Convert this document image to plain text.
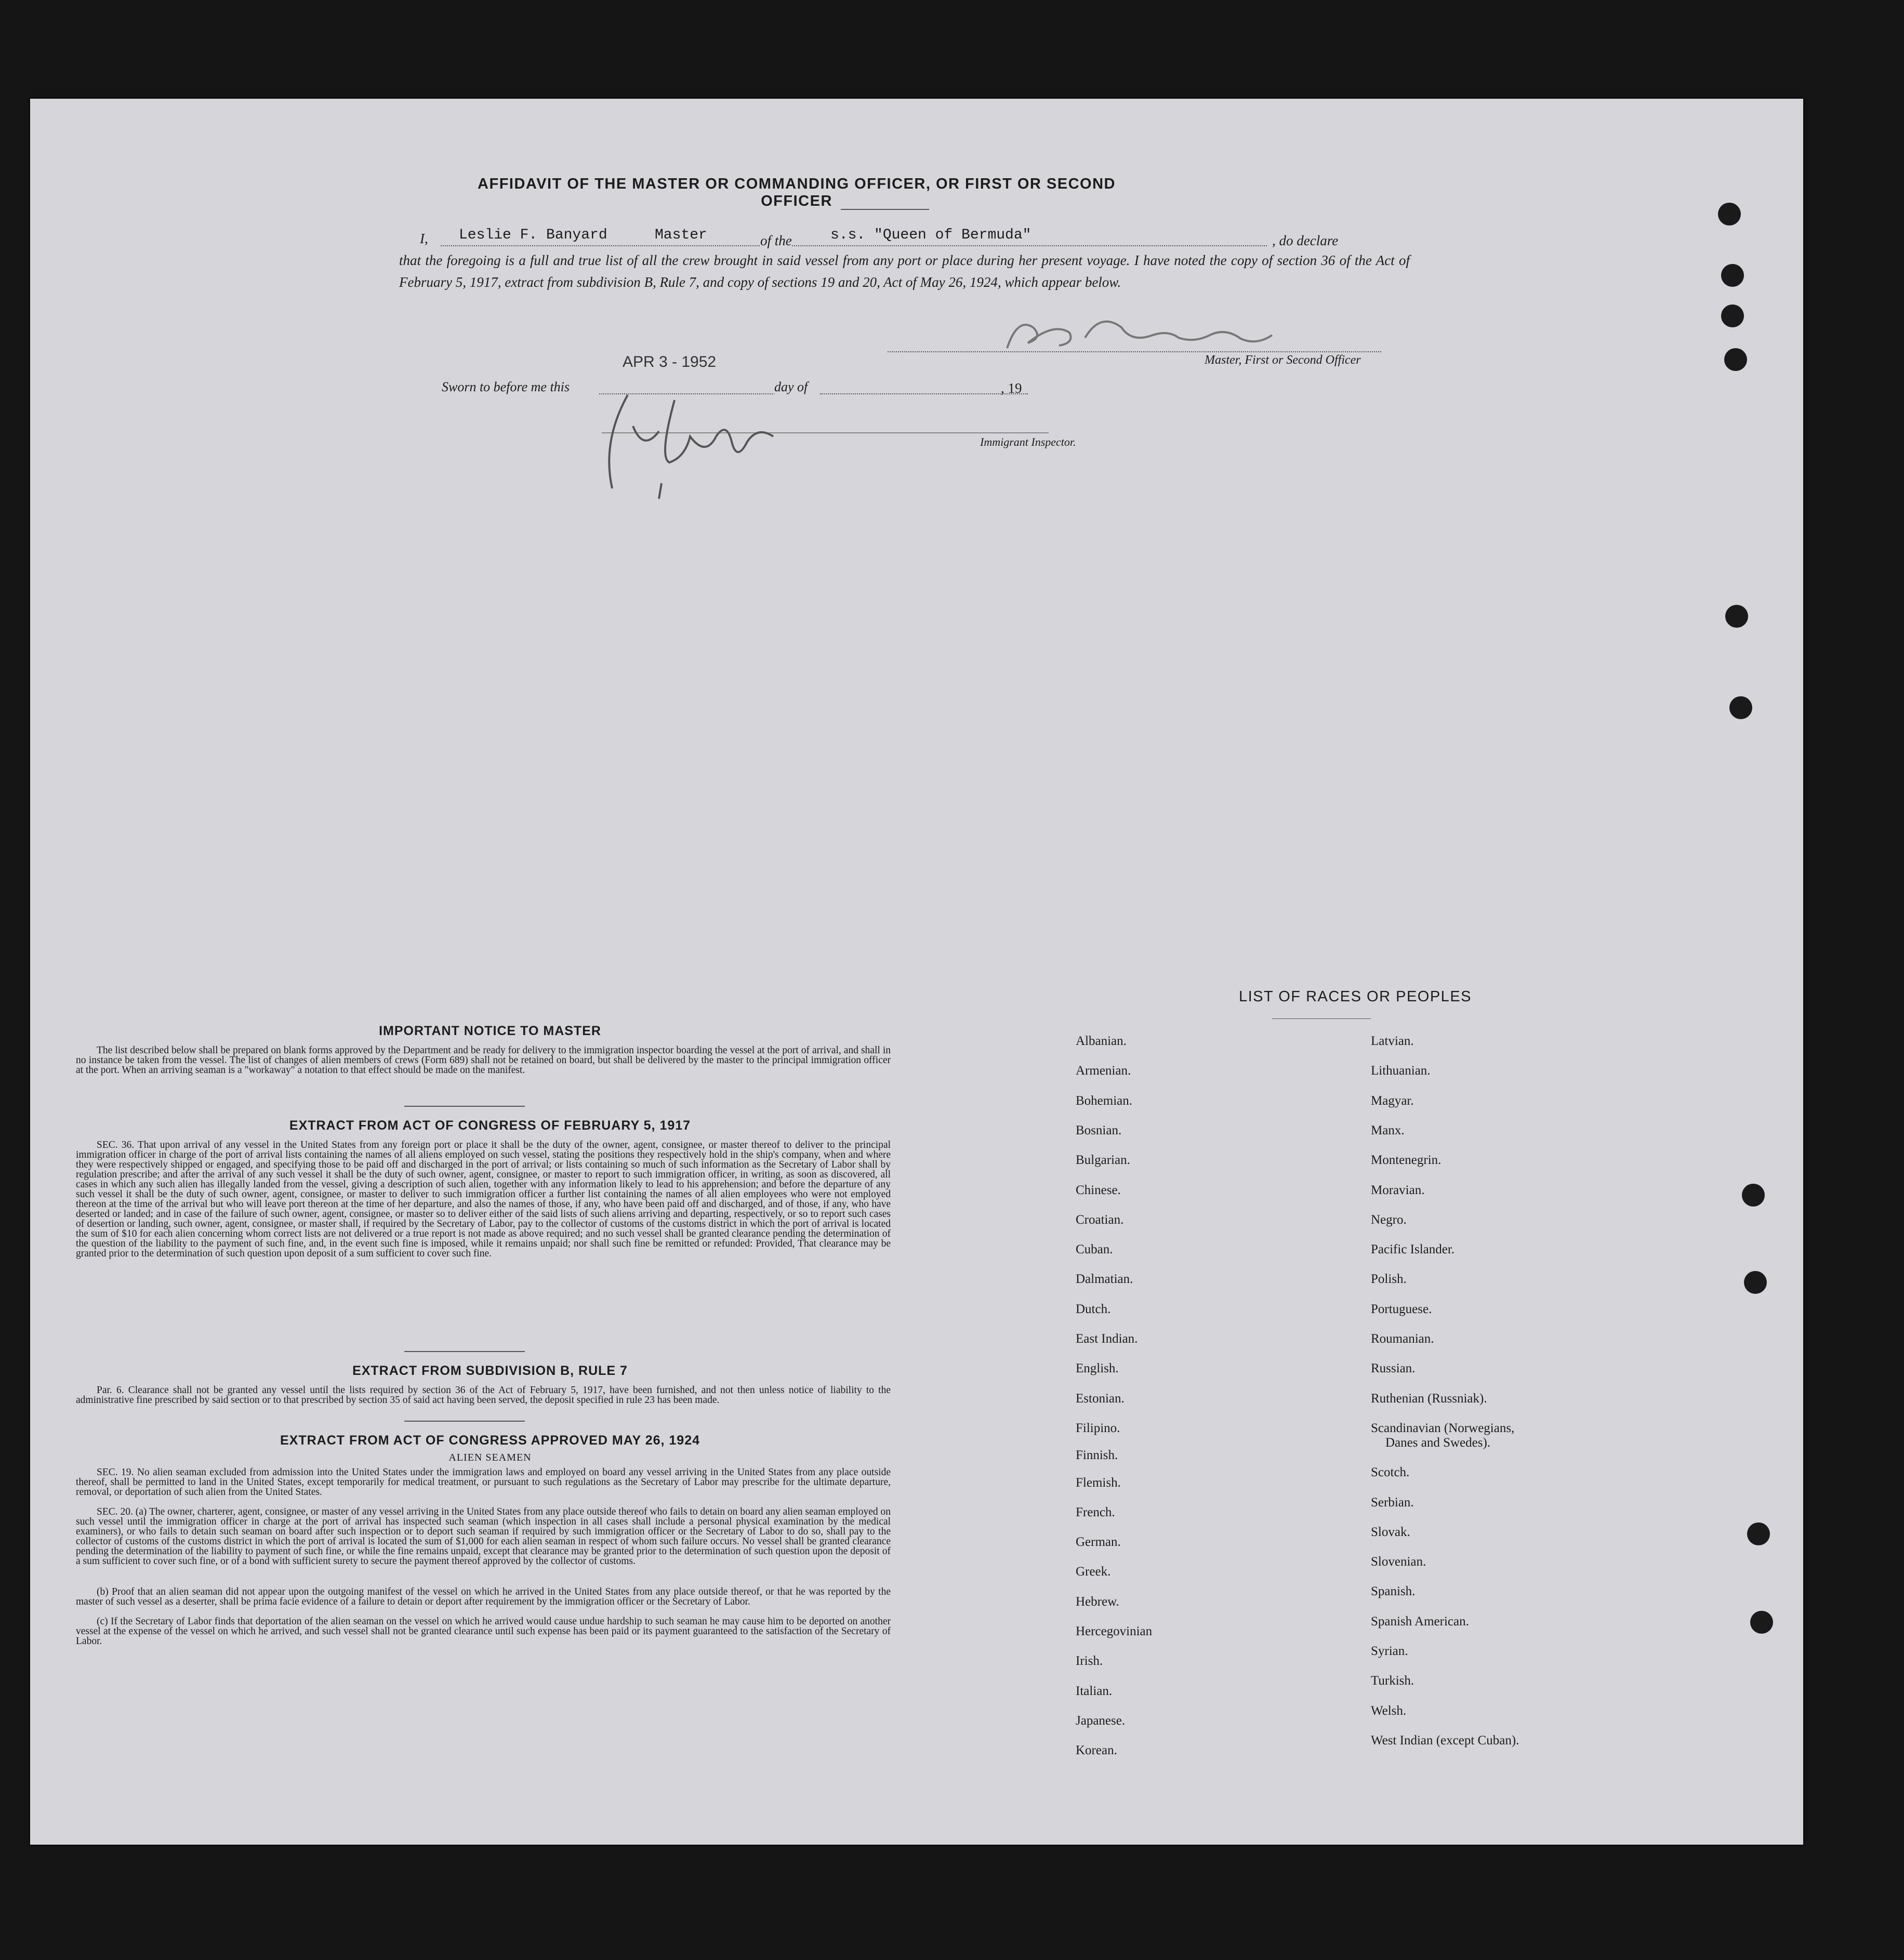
AFFIDAVIT OF THE MASTER OR COMMANDING OFFICER, OR FIRST OR SECOND OFFICER
I, Leslie F. Banyard	Master	of the	s.s. "Queen of Bermuda"	, do declare
that the foregoing is a full and true list of all the crew brought in said vessel from any port or place during her present voyage. I have noted the copy of section 36 of the Act of February 5, 1917, extract from subdivision B, Rule 7, and copy of sections 19 and 20, Act of May 26, 1924, which appear below.
Master, First or Second Officer
Sworn to before me this
APR 3 - 1952
day of	, 19
Immigrant Inspector.
IMPORTANT NOTICE TO MASTER
The list described below shall be prepared on blank forms approved by the Department and be ready for delivery to the immigration inspector boarding the vessel at the port of arrival, and shall in no instance be taken from the vessel. The list of changes of alien members of crews (Form 689) shall not be retained on board, but shall be delivered by the master to the principal immigration officer at the port. When an arriving seaman is a "workaway" a notation to that effect should be made on the manifest.
EXTRACT FROM ACT OF CONGRESS OF FEBRUARY 5, 1917
SEC. 36. That upon arrival of any vessel in the United States from any foreign port or place it shall be the duty of the owner, agent, consignee, or master thereof to deliver to the principal immigration officer in charge of the port of arrival lists containing the names of all aliens employed on such vessel, stating the positions they respectively hold in the ship's company, when and where they were respectively shipped or engaged, and specifying those to be paid off and discharged in the port of arrival; or lists containing so much of such information as the Secretary of Labor shall by regulation prescribe; and after the arrival of any such vessel it shall be the duty of such owner, agent, consignee, or master to report to such immigration officer, in writing, as soon as discovered, all cases in which any such alien has illegally landed from the vessel, giving a description of such alien, together with any information likely to lead to his apprehension; and before the departure of any such vessel it shall be the duty of such owner, agent, consignee, or master to deliver to such immigration officer a further list containing the names of all alien employees who were not employed thereon at the time of the arrival but who will leave port thereon at the time of her departure, and also the names of those, if any, who have been paid off and discharged, and of those, if any, who have deserted or landed; and in case of the failure of such owner, agent, consignee, or master so to deliver either of the said lists of such aliens arriving and departing, respectively, or so to report such cases of desertion or landing, such owner, agent, consignee, or master shall, if required by the Secretary of Labor, pay to the collector of customs of the customs district in which the port of arrival is located the sum of $10 for each alien concerning whom correct lists are not delivered or a true report is not made as above required; and no such vessel shall be granted clearance pending the determination of the question of the liability to the payment of such fine, and, in the event such fine is imposed, while it remains unpaid; nor shall such fine be remitted or refunded: Provided, That clearance may be granted prior to the determination of such question upon deposit of a sum sufficient to cover such fine.
EXTRACT FROM SUBDIVISION B, RULE 7
Par. 6. Clearance shall not be granted any vessel until the lists required by section 36 of the Act of February 5, 1917, have been furnished, and not then unless notice of liability to the administrative fine prescribed by said section or to that prescribed by section 35 of said act having been served, the deposit specified in rule 23 has been made.
EXTRACT FROM ACT OF CONGRESS APPROVED MAY 26, 1924
ALIEN SEAMEN
SEC. 19. No alien seaman excluded from admission into the United States under the immigration laws and employed on board any vessel arriving in the United States from any place outside thereof, shall be permitted to land in the United States, except temporarily for medical treatment, or pursuant to such regulations as the Secretary of Labor may prescribe for the ultimate departure, removal, or deportation of such alien from the United States.
SEC. 20. (a) The owner, charterer, agent, consignee, or master of any vessel arriving in the United States from any place outside thereof who fails to detain on board any alien seaman employed on such vessel until the immigration officer in charge at the port of arrival has inspected such seaman (which inspection in all cases shall include a personal physical examination by the medical examiners), or who fails to detain such seaman on board after such inspection or to deport such seaman if required by such immigration officer or the Secretary of Labor to do so, shall pay to the collector of customs of the customs district in which the port of arrival is located the sum of $1,000 for each alien seaman in respect of whom such failure occurs. No vessel shall be granted clearance pending the determination of the liability to payment of such fine, or while the fine remains unpaid, except that clearance may be granted prior to the determination of such question upon the deposit of a sum sufficient to cover such fine, or of a bond with sufficient surety to secure the payment thereof approved by the collector of customs.
(b) Proof that an alien seaman did not appear upon the outgoing manifest of the vessel on which he arrived in the United States from any place outside thereof, or that he was reported by the master of such vessel as a deserter, shall be prima facie evidence of a failure to detain or deport after requirement by the immigration officer or the Secretary of Labor.
(c) If the Secretary of Labor finds that deportation of the alien seaman on the vessel on which he arrived would cause undue hardship to such seaman he may cause him to be deported on another vessel at the expense of the vessel on which he arrived, and such vessel shall not be granted clearance until such expense has been paid or its payment guaranteed to the satisfaction of the Secretary of Labor.
LIST OF RACES OR PEOPLES
Albanian.
Armenian.
Bohemian.
Bosnian.
Bulgarian.
Chinese.
Croatian.
Cuban.
Dalmatian.
Dutch.
East Indian.
English.
Estonian.
Filipino.
Finnish.
Flemish.
French.
German.
Greek.
Hebrew.
Hercegovinian
Irish.
Italian.
Japanese.
Korean.
Latvian.
Lithuanian.
Magyar.
Manx.
Montenegrin.
Moravian.
Negro.
Pacific Islander.
Polish.
Portuguese.
Roumanian.
Russian.
Ruthenian (Russniak).
Scandinavian (Norwegians,
Danes and Swedes).
Scotch.
Serbian.
Slovak.
Slovenian.
Spanish.
Spanish American.
Syrian.
Turkish.
Welsh.
West Indian (except Cuban).
